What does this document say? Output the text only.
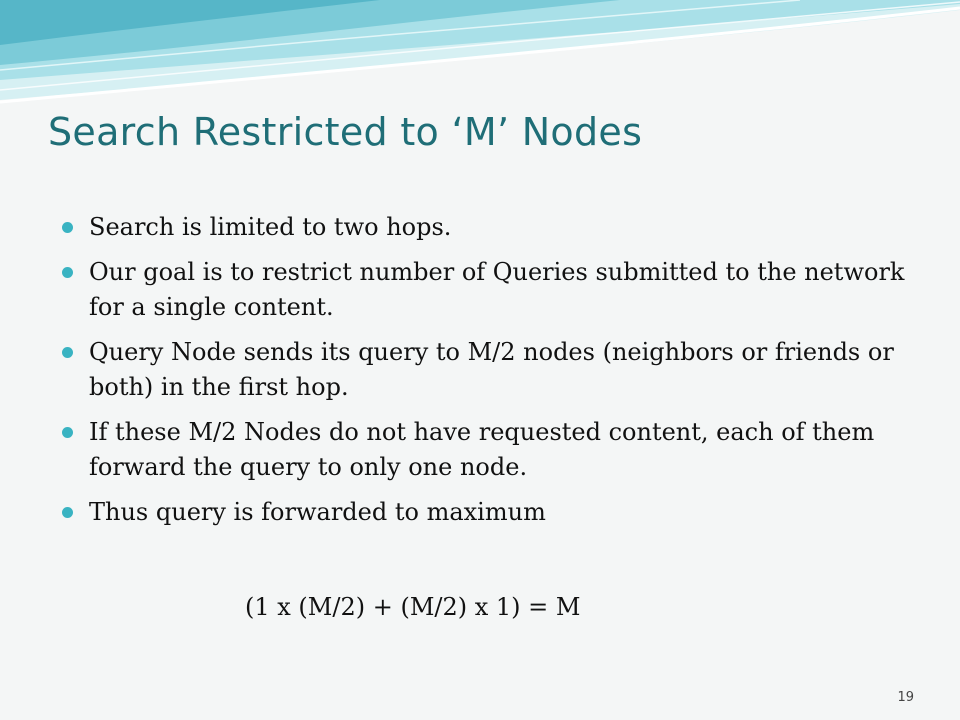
Search Restricted to ‘M’ Nodes
Search is limited to two hops.
Our goal is to restrict number of Queries submitted to the network for a single content.
Query Node sends its query to M/2 nodes (neighbors or friends or both) in the first hop.
If these M/2 Nodes do not have requested content, each of them forward the query to only one node.
Thus query is forwarded to maximum
(1 x (M/2) + (M/2) x 1) = M
19
